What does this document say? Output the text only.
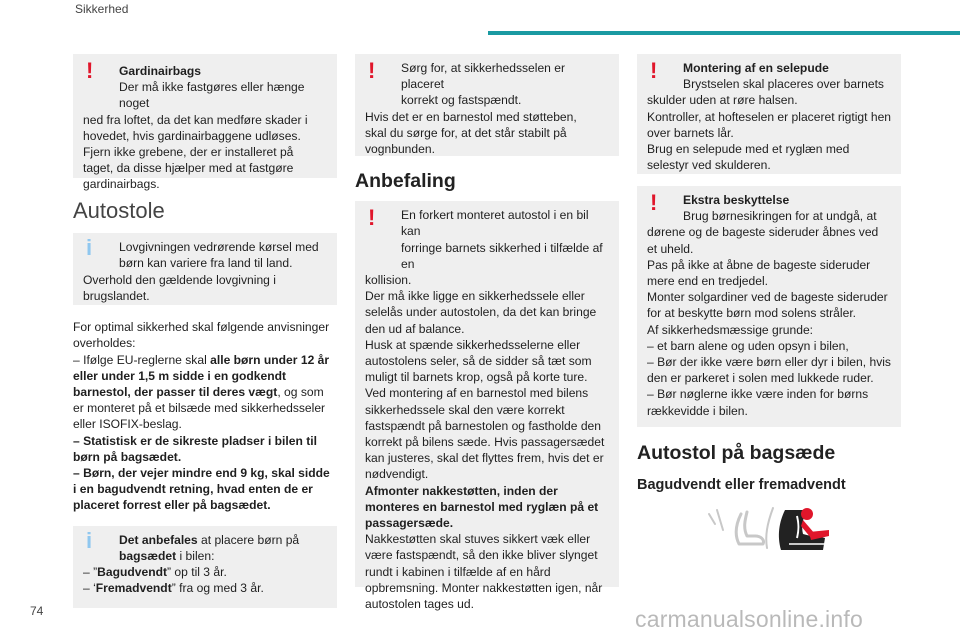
Sikkerhed
!	Gardinairbags

Der må ikke fastgøres eller hænge noget

ned fra loftet, da det kan medføre skader i

hovedet, hvis gardinairbaggene udløses.

Fjern ikke grebene, der er installeret på

taget, da disse hjælper med at fastgøre

gardinairbags.

Autostole
i	Lovgivningen vedrørende kørsel med

børn kan variere fra land til land.

Overhold den gældende lovgivning i

brugslandet.

For optimal sikkerhed skal følgende anvisninger overholdes:

– Ifølge EU-reglerne skal alle børn under 12 år eller under 1,5 m sidde i en godkendt barnestol, der passer til deres vægt, og som er monteret på et bilsæde med sikkerhedsseler eller ISOFIX-beslag.

– Statistisk er de sikreste pladser i bilen til børn på bagsædet.

– Børn, der vejer mindre end 9 kg, skal sidde i en bagudvendt retning, hvad enten de er placeret forrest eller på bagsædet.

i	Det anbefales at placere børn på

bagsædet i bilen:

– ”Bagudvendt” op til 3 år.

– ‘Fremadvendt” fra og med 3 år.

!	Sørg for, at sikkerhedsselen er placeret

korrekt og fastspændt.

Hvis det er en barnestol med støtteben,

skal du sørge for, at det står stabilt på

vognbunden.

Anbefaling
!	En forkert monteret autostol i en bil kan

forringe barnets sikkerhed i tilfælde af en

kollision.
Der må ikke ligge en sikkerhedssele eller selelås under autostolen, da det kan bringe den ud af balance.
Husk at spænde sikkerhedsselerne eller autostolens seler, så de sidder så tæt som muligt til barnets krop, også på korte ture.
Ved montering af en barnestol med bilens sikkerhedssele skal den være korrekt fastspændt på barnestolen og fastholde den korrekt på bilens sæde. Hvis passagersædet kan justeres, skal det flyttes frem, hvis det er nødvendigt.

Afmonter nakkestøtten, inden der monteres en barnestol med ryglæn på et passagersæde.

Nakkestøtten skal stuves sikkert væk eller være fastspændt, så den ikke bliver slynget rundt i kabinen i tilfælde af en hård opbremsning. Monter nakkestøtten igen, når autostolen tages ud.

!	Montering af en selepude

Brystselen skal placeres over barnets

skulder uden at røre halsen.

Kontroller, at hofteselen er placeret rigtigt hen

over barnets lår.

Brug en selepude med et ryglæn med

selestyr ved skulderen.

!	Ekstra beskyttelse

Brug børnesikringen for at undgå, at

dørene og de bageste sideruder åbnes ved

et uheld.

Pas på ikke at åbne de bageste sideruder

mere end en tredjedel.

Monter solgardiner ved de bageste sideruder

for at beskytte børn mod solens stråler.

Af sikkerhedsmæssige grunde:

– et barn alene og uden opsyn i bilen,

– Bør der ikke være børn eller dyr i bilen, hvis

den er parkeret i solen med lukkede ruder.

– Bør nøglerne ikke være inden for børns

rækkevidde i bilen.

Autostol på bagsæde
Bagudvendt eller fremadvendt
74	carmanualsonline.info
